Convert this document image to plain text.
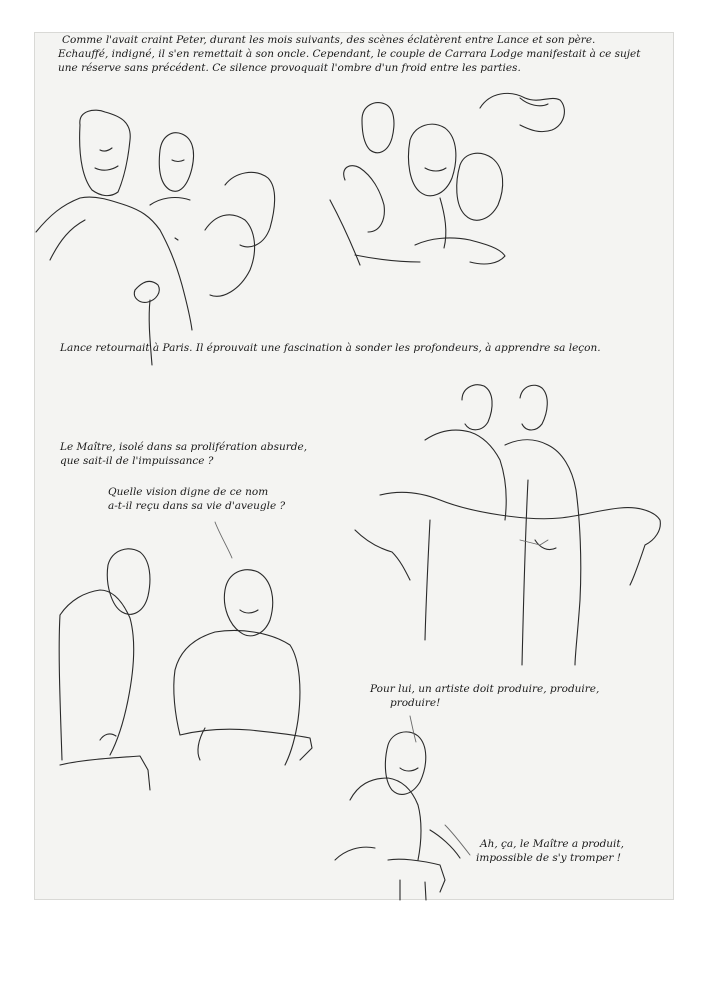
Comme l'avait craint Peter, durant les mois suivants, des scènes éclatèrent entre Lance et son père.
Echauffé, indigné, il s'en remettait à son oncle. Cependant, le couple de Carrara Lodge manifestait à ce sujet
une réserve sans précédent. Ce silence provoquait l'ombre d'un froid entre les parties.
Lance retournait à Paris. Il éprouvait une fascination à sonder les profondeurs, à apprendre sa leçon.
Le Maître, isolé dans sa prolifération absurde,
que sait-il de l'impuissance ?
Quelle vision digne de ce nom
a-t-il reçu dans sa vie d'aveugle ?
Pour lui, un artiste doit produire, produire,
produire!
Ah, ça, le Maître a produit,
impossible de s'y tromper !
